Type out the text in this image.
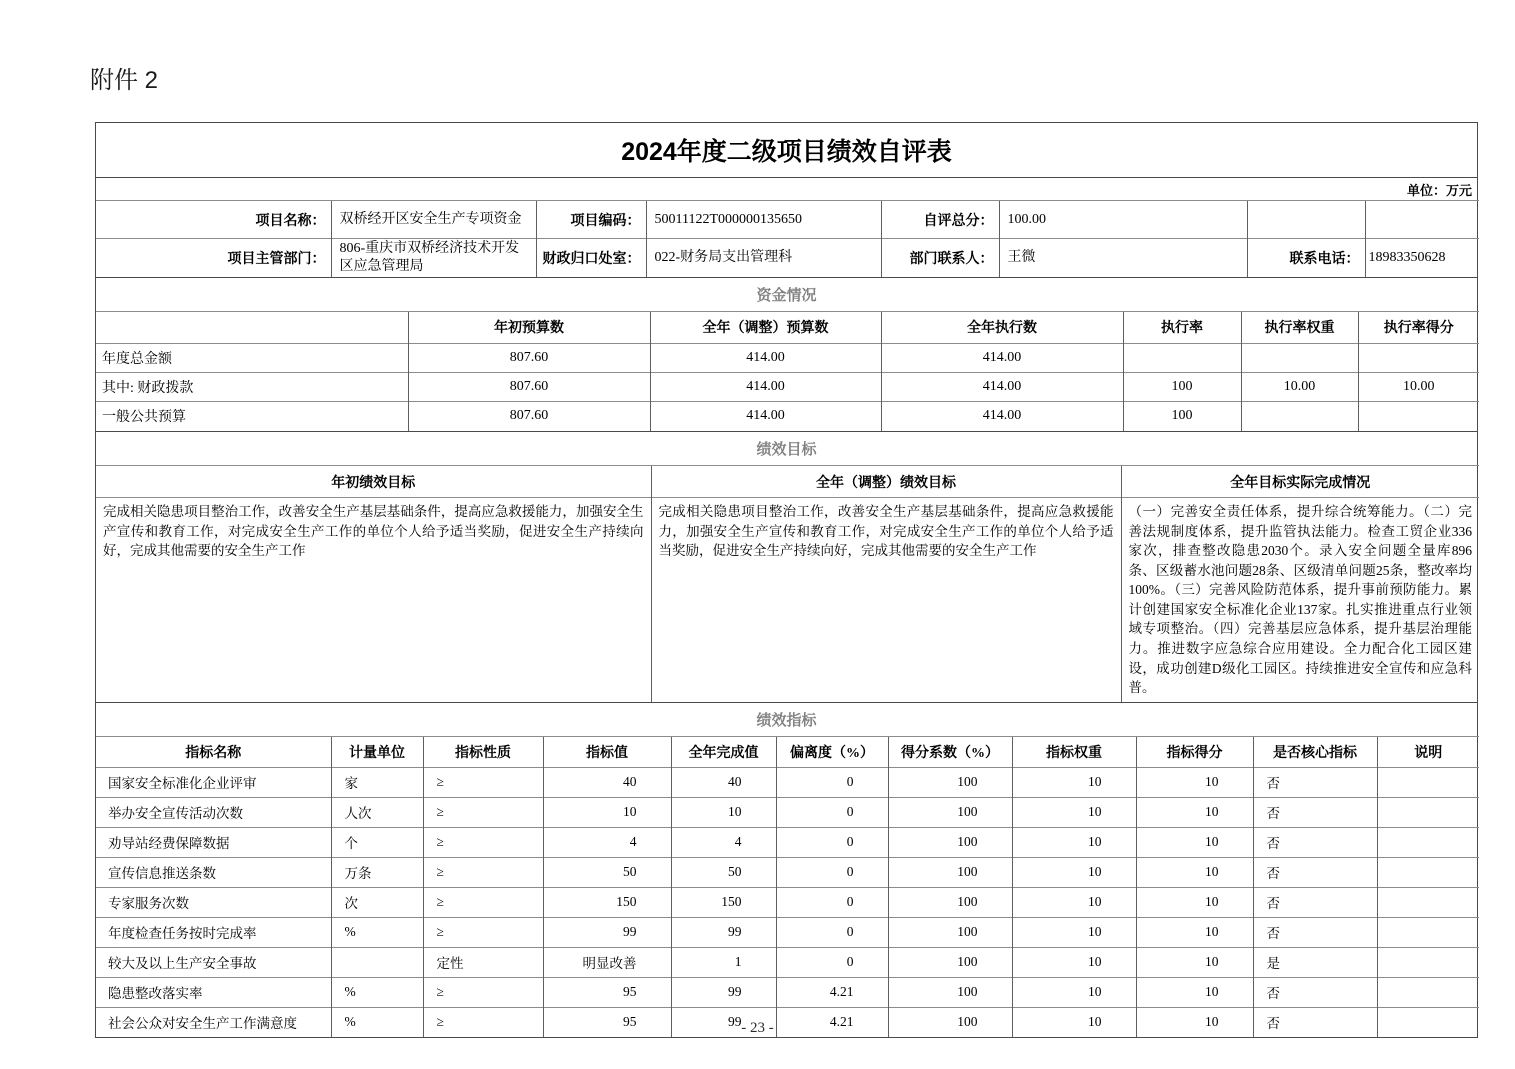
附件 2
2024年度二级项目绩效自评表
单位：万元
项目名称：	双桥经开区安全生产专项资金	项目编码：	50011122T000000135650	自评总分：	100.00		
项目主管部门：	806-重庆市双桥经济技术开发区应急管理局	财政归口处室：	022-财务局支出管理科	部门联系人：	王微	联系电话：	18983350628
资金情况
	年初预算数	全年（调整）预算数	全年执行数	执行率	执行率权重	执行率得分
年度总金额	807.60	414.00	414.00			
其中: 财政拨款	807.60	414.00	414.00	100	10.00	10.00
一般公共预算	807.60	414.00	414.00	100		
绩效目标
年初绩效目标	全年（调整）绩效目标	全年目标实际完成情况
完成相关隐患项目整治工作，改善安全生产基层基础条件，提高应急救援能力，加强安全生产宣传和教育工作，对完成安全生产工作的单位个人给予适当奖励，促进安全生产持续向好，完成其他需要的安全生产工作	完成相关隐患项目整治工作，改善安全生产基层基础条件，提高应急救援能力，加强安全生产宣传和教育工作，对完成安全生产工作的单位个人给予适当奖励，促进安全生产持续向好，完成其他需要的安全生产工作	（一）完善安全责任体系，提升综合统筹能力。（二）完善法规制度体系，提升监管执法能力。检查工贸企业336家次，排查整改隐患2030个。录入安全问题全量库896条、区级蓄水池问题28条、区级清单问题25条，整改率均100%。（三）完善风险防范体系，提升事前预防能力。累计创建国家安全标准化企业137家。扎实推进重点行业领域专项整治。（四）完善基层应急体系，提升基层治理能力。推进数字应急综合应用建设。全力配合化工园区建设，成功创建D级化工园区。持续推进安全宣传和应急科普。
绩效指标
指标名称	计量单位	指标性质	指标值	全年完成值	偏离度（%）	得分系数（%）	指标权重	指标得分	是否核心指标	说明
国家安全标准化企业评审	家	≥	40	40	0	100	10	10	否	
举办安全宣传活动次数	人次	≥	10	10	0	100	10	10	否	
劝导站经费保障数据	个	≥	4	4	0	100	10	10	否	
宣传信息推送条数	万条	≥	50	50	0	100	10	10	否	
专家服务次数	次	≥	150	150	0	100	10	10	否	
年度检查任务按时完成率	%	≥	99	99	0	100	10	10	否	
较大及以上生产安全事故		定性	明显改善	1	0	100	10	10	是	
隐患整改落实率	%	≥	95	99	4.21	100	10	10	否	
社会公众对安全生产工作满意度	%	≥	95	99	4.21	100	10	10	否	
- 23 -
